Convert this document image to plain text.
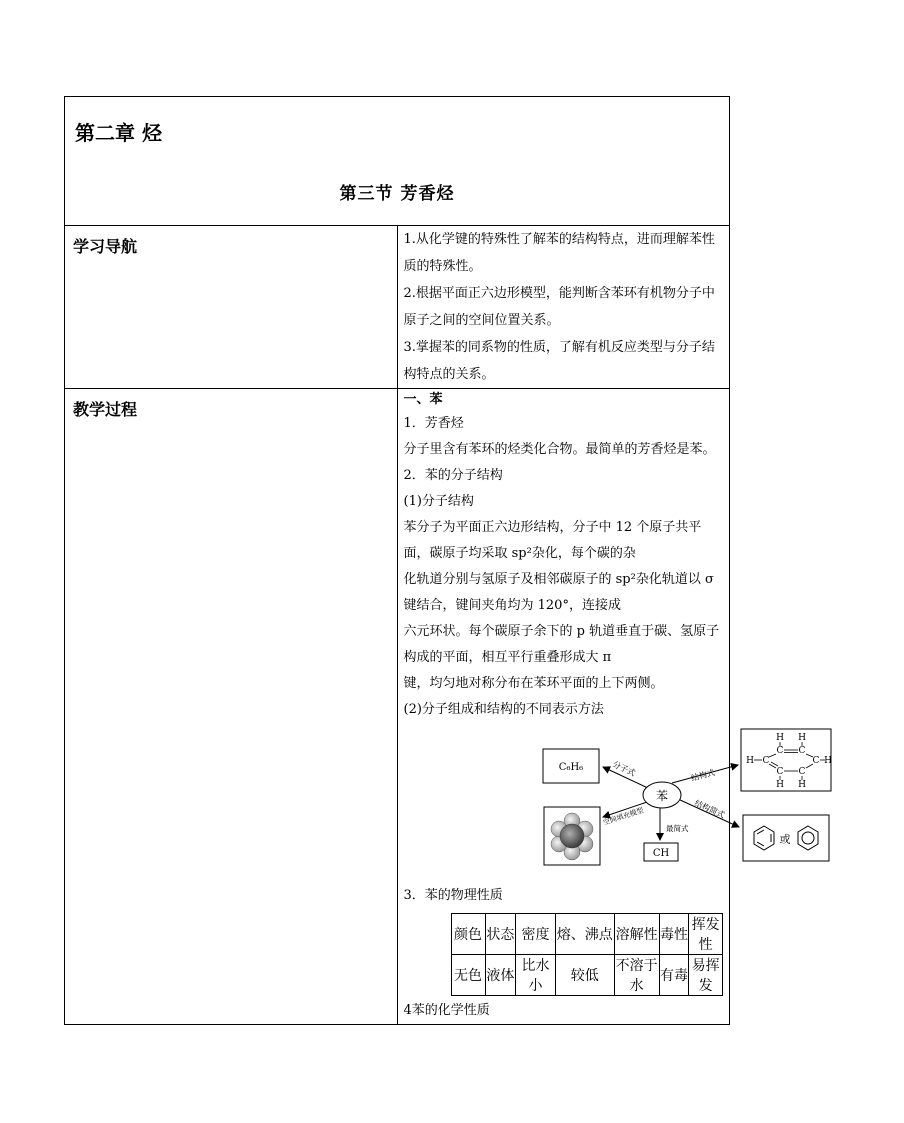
第二章 烃
第三节 芳香烃

学习导航	1.从化学键的特殊性了解苯的结构特点，进而理解苯性质的特殊性。
2.根据平面正六边形模型，能判断含苯环有机物分子中原子之间的空间位置关系。
3.掌握苯的同系物的性质，了解有机反应类型与分子结构特点的关系。

教学过程	

一、苯

1．芳香烃

分子里含有苯环的烃类化合物。最简单的芳香烃是苯。

2．苯的分子结构

(1)分子结构

苯分子为平面正六边形结构，分子中 12 个原子共平面，碳原子均采取 sp²杂化，每个碳的杂

化轨道分别与氢原子及相邻碳原子的 sp²杂化轨道以 σ 键结合，键间夹角均为 120°，连接成

六元环状。每个碳原子余下的 p 轨道垂直于碳、氢原子构成的平面，相互平行重叠形成大 π

键，均匀地对称分布在苯环平面的上下两侧。

(2)分子组成和结构的不同表示方法

苯
C₆H₆
H H
C C
H C	C H
C C
H H
CH
或
分子式	结构式
空间填充模型
最简式
结构简式

3．苯的物理性质

颜色	状态	密度	熔、沸点	溶解性	毒性	挥发性
无色	液体	比水小	较低	不溶于水	有毒	易挥发

4苯的化学性质
